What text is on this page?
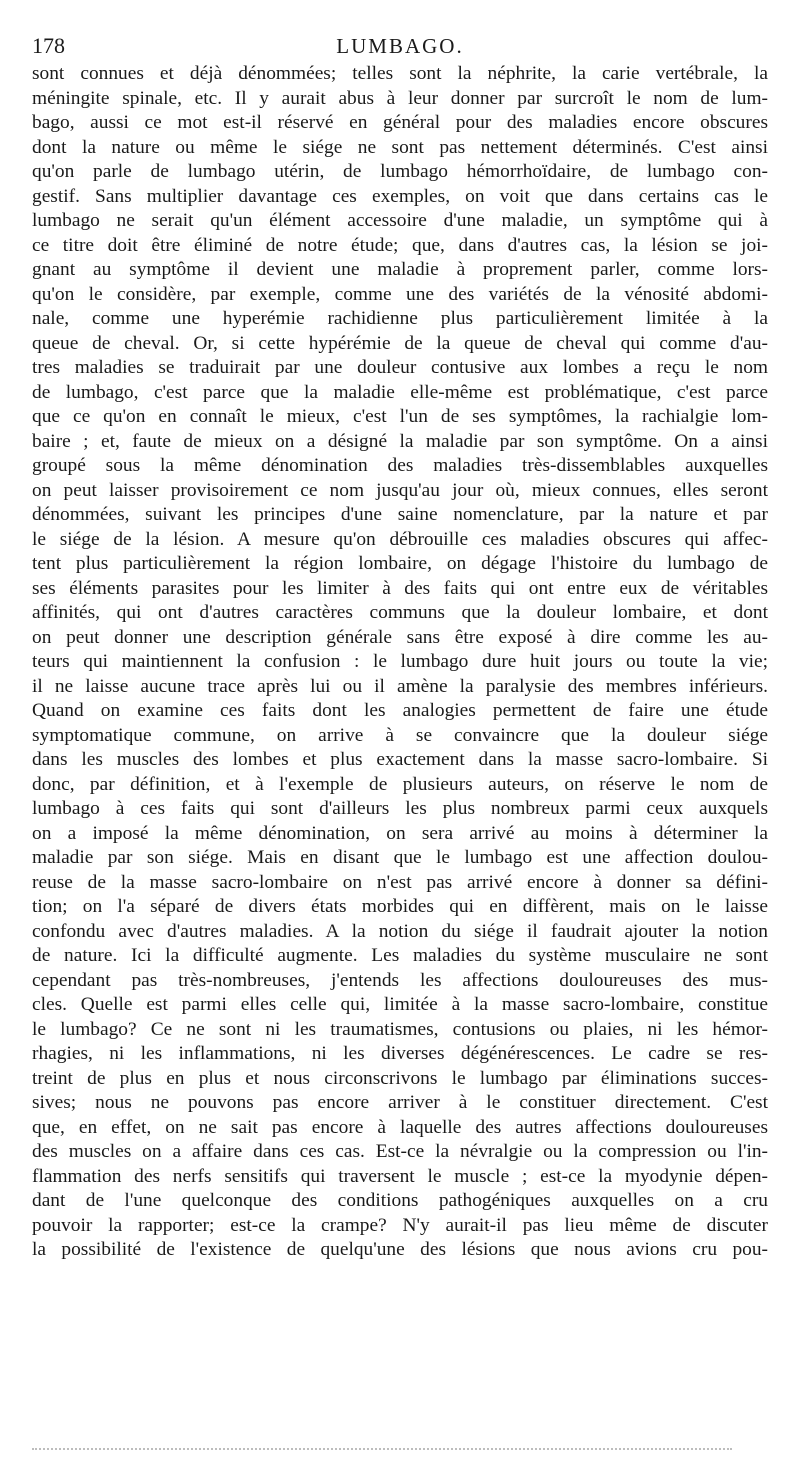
178	LUMBAGO.
sont connues et déjà dénommées; telles sont la néphrite, la carie vertébrale, la
méningite spinale, etc. Il y aurait abus à leur donner par surcroît le nom de lum-
bago, aussi ce mot est-il réservé en général pour des maladies encore obscures
dont la nature ou même le siége ne sont pas nettement déterminés. C'est ainsi
qu'on parle de lumbago utérin, de lumbago hémorrhoïdaire, de lumbago con-
gestif. Sans multiplier davantage ces exemples, on voit que dans certains cas le
lumbago ne serait qu'un élément accessoire d'une maladie, un symptôme qui à
ce titre doit être éliminé de notre étude; que, dans d'autres cas, la lésion se joi-
gnant au symptôme il devient une maladie à proprement parler, comme lors-
qu'on le considère, par exemple, comme une des variétés de la vénosité abdomi-
nale, comme une hyperémie rachidienne plus particulièrement limitée à la
queue de cheval. Or, si cette hypérémie de la queue de cheval qui comme d'au-
tres maladies se traduirait par une douleur contusive aux lombes a reçu le nom
de lumbago, c'est parce que la maladie elle-même est problématique, c'est parce
que ce qu'on en connaît le mieux, c'est l'un de ses symptômes, la rachialgie lom-
baire ; et, faute de mieux on a désigné la maladie par son symptôme. On a ainsi
groupé sous la même dénomination des maladies très-dissemblables auxquelles
on peut laisser provisoirement ce nom jusqu'au jour où, mieux connues, elles seront
dénommées, suivant les principes d'une saine nomenclature, par la nature et par
le siége de la lésion. A mesure qu'on débrouille ces maladies obscures qui affec-
tent plus particulièrement la région lombaire, on dégage l'histoire du lumbago de
ses éléments parasites pour les limiter à des faits qui ont entre eux de véritables
affinités, qui ont d'autres caractères communs que la douleur lombaire, et dont
on peut donner une description générale sans être exposé à dire comme les au-
teurs qui maintiennent la confusion : le lumbago dure huit jours ou toute la vie;
il ne laisse aucune trace après lui ou il amène la paralysie des membres inférieurs.
Quand on examine ces faits dont les analogies permettent de faire une étude
symptomatique commune, on arrive à se convaincre que la douleur siége
dans les muscles des lombes et plus exactement dans la masse sacro-lombaire. Si
donc, par définition, et à l'exemple de plusieurs auteurs, on réserve le nom de
lumbago à ces faits qui sont d'ailleurs les plus nombreux parmi ceux auxquels
on a imposé la même dénomination, on sera arrivé au moins à déterminer la
maladie par son siége. Mais en disant que le lumbago est une affection doulou-
reuse de la masse sacro-lombaire on n'est pas arrivé encore à donner sa défini-
tion; on l'a séparé de divers états morbides qui en diffèrent, mais on le laisse
confondu avec d'autres maladies. A la notion du siége il faudrait ajouter la notion
de nature. Ici la difficulté augmente. Les maladies du système musculaire ne sont
cependant pas très-nombreuses, j'entends les affections douloureuses des mus-
cles. Quelle est parmi elles celle qui, limitée à la masse sacro-lombaire, constitue
le lumbago? Ce ne sont ni les traumatismes, contusions ou plaies, ni les hémor-
rhagies, ni les inflammations, ni les diverses dégénérescences. Le cadre se res-
treint de plus en plus et nous circonscrivons le lumbago par éliminations succes-
sives; nous ne pouvons pas encore arriver à le constituer directement. C'est
que, en effet, on ne sait pas encore à laquelle des autres affections douloureuses
des muscles on a affaire dans ces cas. Est-ce la névralgie ou la compression ou l'in-
flammation des nerfs sensitifs qui traversent le muscle ; est-ce la myodynie dépen-
dant de l'une quelconque des conditions pathogéniques auxquelles on a cru
pouvoir la rapporter; est-ce la crampe? N'y aurait-il pas lieu même de discuter
la possibilité de l'existence de quelqu'une des lésions que nous avions cru pou-
